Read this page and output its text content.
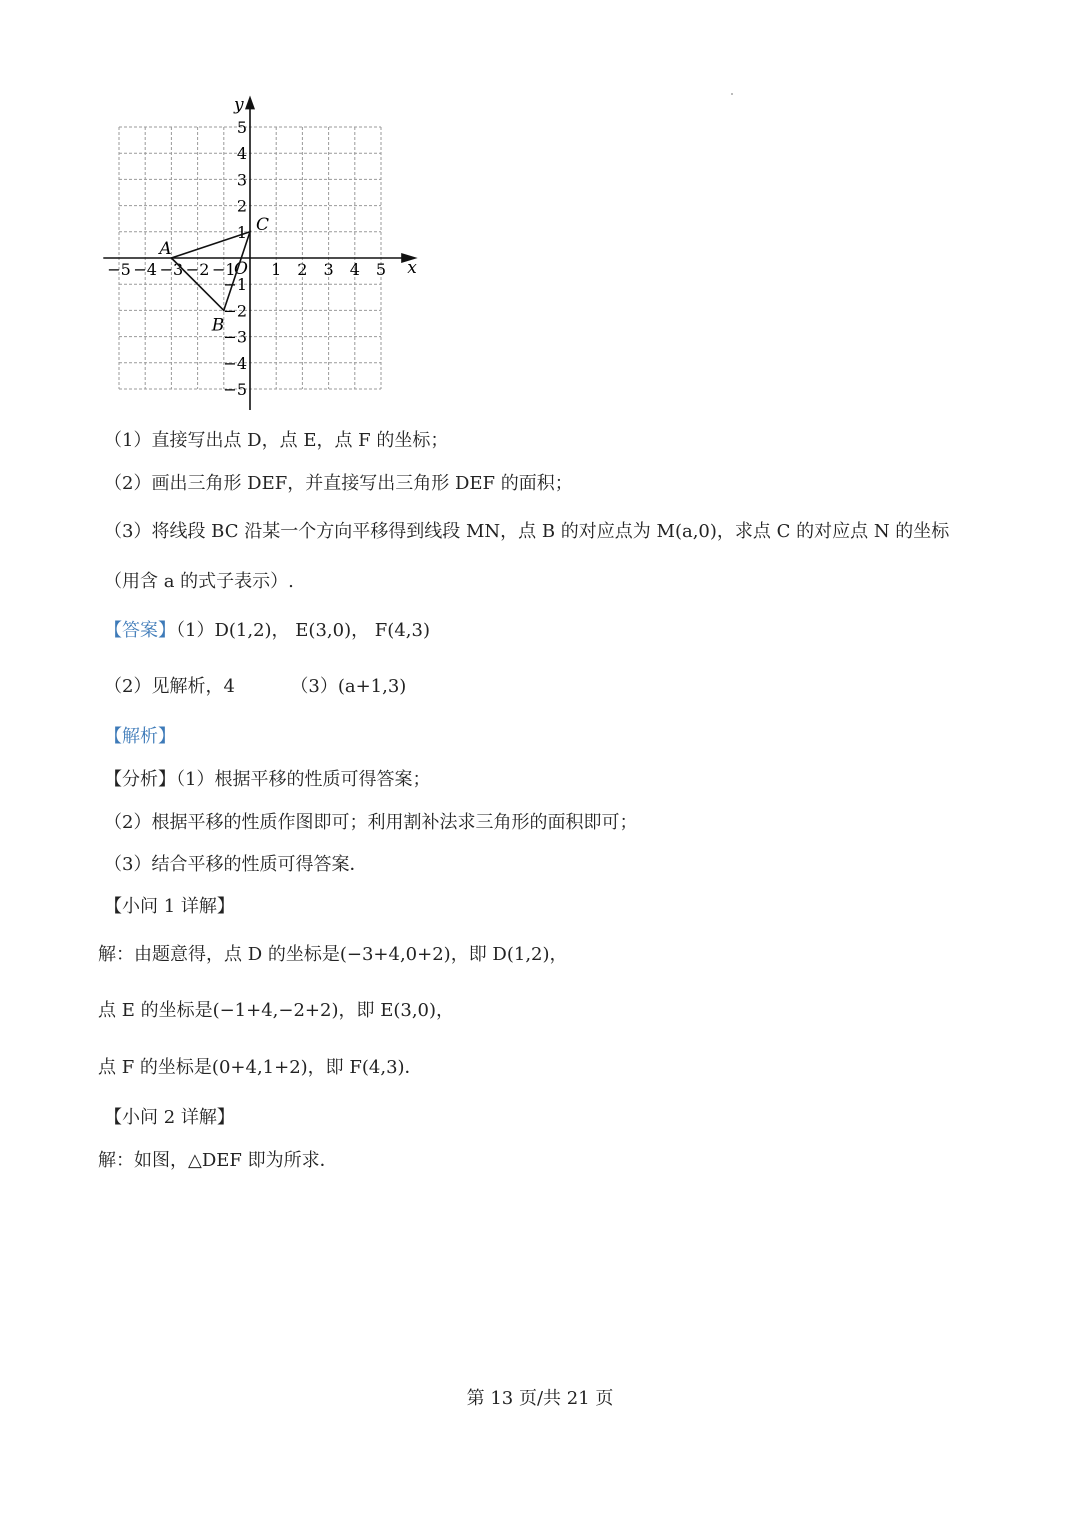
x
y
O
−5 −4 −3 −2 −1 1 2 3 4 5
5
4
3
2
1
−1
−2
−3
−4
−5
A
B
C
（1）直接写出点 D，点 E，点 F 的坐标；
（2）画出三角形 DEF，并直接写出三角形 DEF 的面积；
（3）将线段 BC 沿某一个方向平移得到线段 MN，点 B 的对应点为 M(a,0)，求点 C 的对应点 N 的坐标
（用含 a 的式子表示）.
【答案】（1）D(1,2)， E(3,0)， F(4,3)
（2）见解析，4	（3）(a+1,3)
【解析】
【分析】（1）根据平移的性质可得答案；
（2）根据平移的性质作图即可；利用割补法求三角形的面积即可；
（3）结合平移的性质可得答案．
【小问 1 详解】
解：由题意得，点 D 的坐标是(−3+4,0+2)，即 D(1,2)，
点 E 的坐标是(−1+4,−2+2)，即 E(3,0)，
点 F 的坐标是(0+4,1+2)，即 F(4,3)．
【小问 2 详解】
解：如图，△DEF 即为所求．
第 13 页/共 21 页
